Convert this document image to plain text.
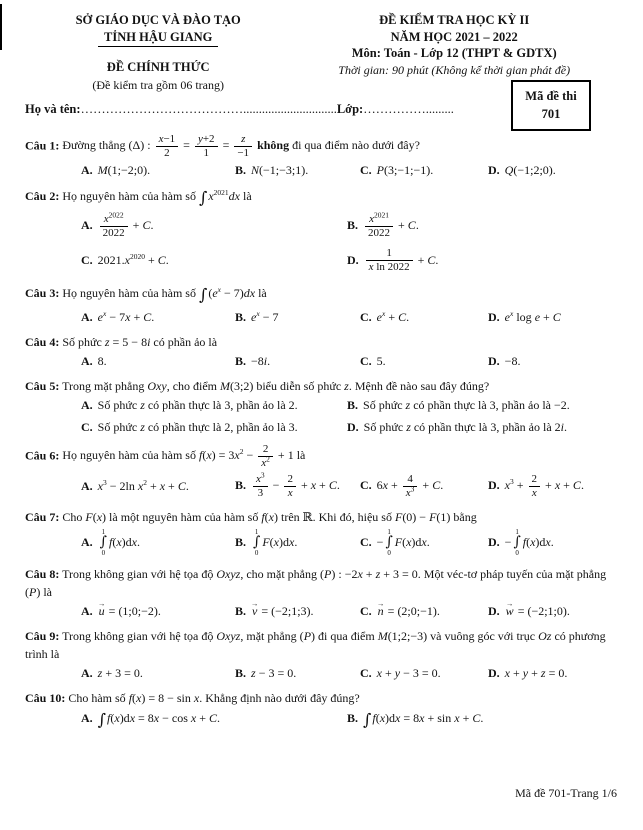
SỞ GIÁO DỤC VÀ ĐÀO TẠO
TỈNH HẬU GIANG
ĐỀ CHÍNH THỨC
(Đề kiểm tra gồm 06 trang)
ĐỀ KIỂM TRA HỌC KỲ II
NĂM HỌC 2021 – 2022
Môn: Toán - Lớp 12 (THPT & GDTX)
Thời gian: 90 phút (Không kể thời gian phát đề)
Mã đề thi
701
Họ và tên:…………………………………..............................Lớp:…………….........
Câu 1: Đường thẳng (Δ) : $\frac{x-1}{2} = \frac{y+2}{1} = \frac{z}{-1}$ không đi qua điểm nào dưới đây?
A. M(1;−2;0).	B. N(−1;−3;1).	C. P(3;−1;−1).	D. Q(−1;2;0).
Câu 2: Họ nguyên hàm của hàm số $\int x^{2021}dx$ là
A. $\frac{x^{2022}}{2022} + C$.	B. $\frac{x^{2021}}{2022} + C$.
C. $2021.x^{2020} + C$.	D. $\frac{1}{\text{x ln 2022}} + C$.
Câu 3: Họ nguyên hàm của hàm số $\int(e^x - 7)dx$ là
A. $e^x - 7x + C$.	B. $e^x - 7$	C. $e^x + C$.	D. $e^x$ log e + C
Câu 4: Số phức z = 5 − 8i có phần ảo là
A. 8.	B. −8i.	C. 5.	D. −8.
Câu 5: Trong mặt phẳng Oxy, cho điểm M(3;2) biểu diễn số phức z. Mệnh đề nào sau đây đúng?
A. Số phức z có phần thực là 3, phần ảo là 2.	B. Số phức z có phần thực là 3, phần ảo là −2.
C. Số phức z có phần thực là 2, phần ảo là 3.	D. Số phức z có phần thực là 3, phần ảo là 2i.
Câu 6: Họ nguyên hàm của hàm số $f(x) = 3x^2 - \frac{2}{x^2} + 1$ là
A. $x^3 - 2\ln$ $x^2 + x + C$.	B. $\frac{x^3}{3} - \frac{2}{x} + x + C$.	C. $6x + \frac{4}{x^3} + C$.	D. $x^3 + \frac{2}{x} + x + C$.
Câu 7: Cho F(x) là một nguyên hàm của hàm số f(x) trên ℝ. Khi đó, hiệu số F(0) − F(1) bằng
A.
1
∫
0
f(x)dx.	B.
1
∫
0
F(x)dx.	C. −
1
∫
0
F(x)dx.	D. −
1
∫
0
f(x)dx.
Câu 8: Trong không gian với hệ tọa độ Oxyz, cho mặt phẳng (P) : −2x + z + 3 = 0. Một véc-tơ pháp tuyến của mặt phẳng (P) là
A. u → = (1;0;−2).	B. v → = (−2;1;3).	C. n → = (2;0;−1).	D. w → = (−2;1;0).
Câu 9: Trong không gian với hệ tọa độ Oxyz, mặt phẳng (P) đi qua điểm M(1;2;−3) và vuông góc với trục Oz có phương trình là
A. z + 3 = 0.	B. z − 3 = 0.	C. x + y − 3 = 0.	D. x + y + z = 0.
Câu 10: Cho hàm số f(x) = 8 − sin x. Khẳng định nào dưới đây đúng?
A. ∫f(x)dx = 8x − cos x + C.	B. ∫f(x)dx = 8x + sin x + C.
Mã đề 701-Trang 1/6
